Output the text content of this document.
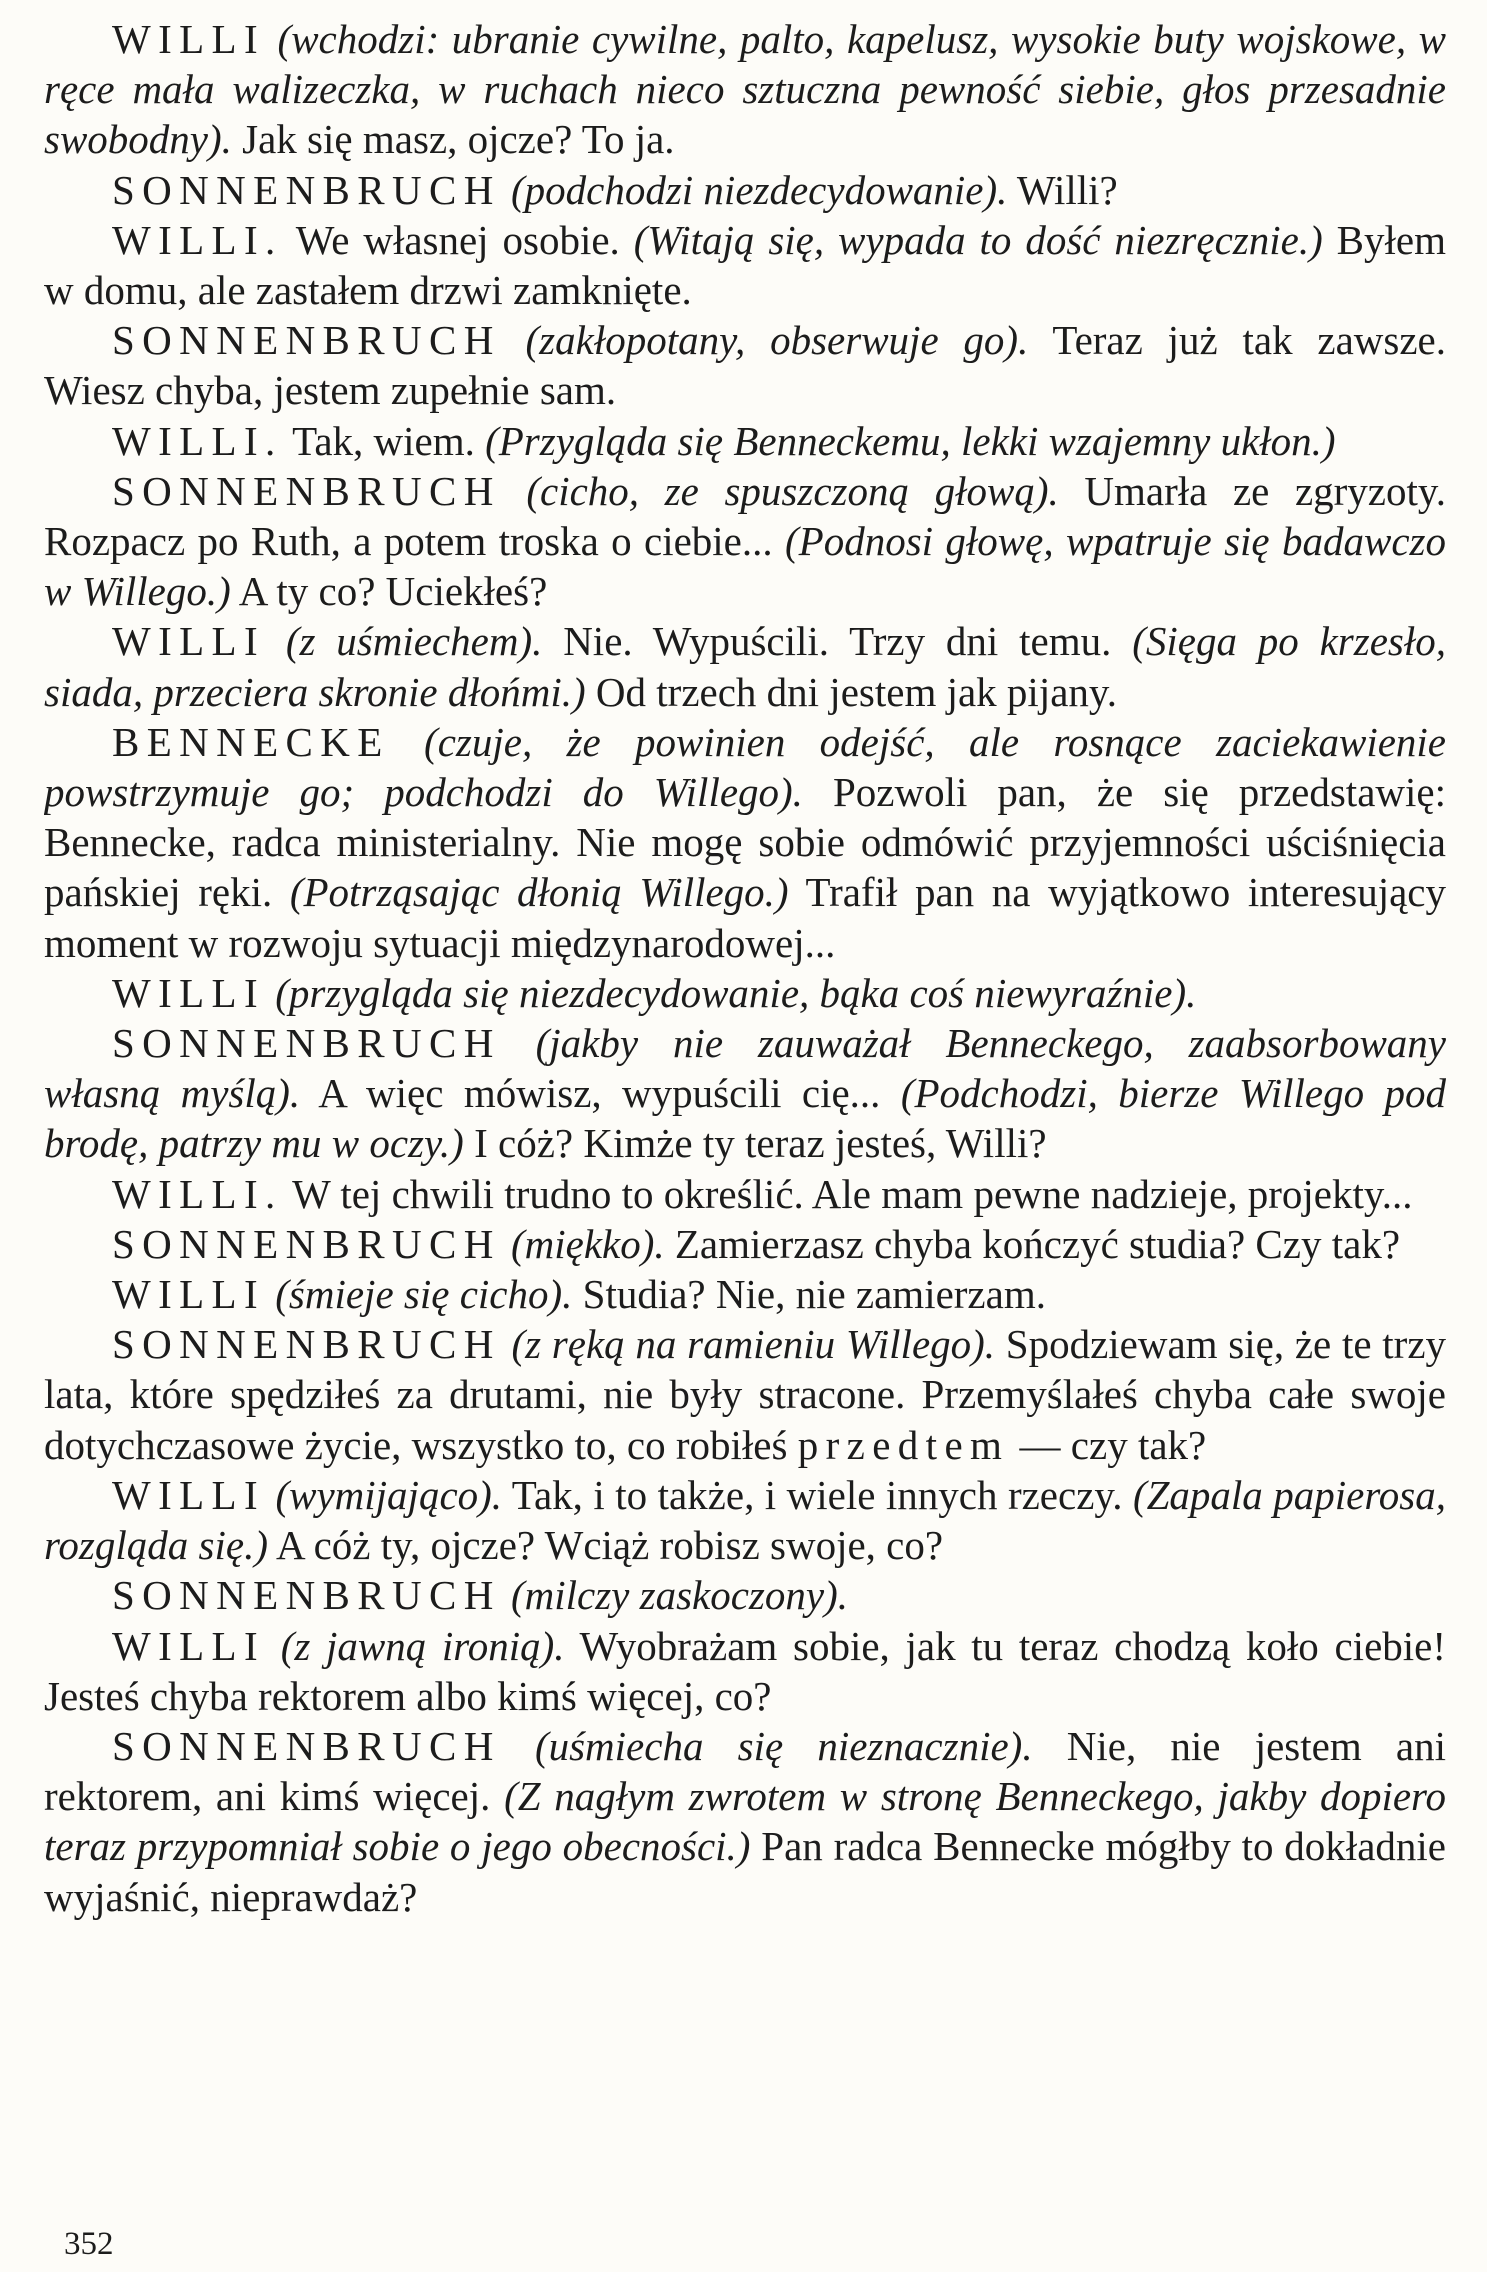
WILLI (wchodzi: ubranie cywilne, palto, kapelusz, wysokie buty wojskowe, w ręce mała walizeczka, w ruchach nieco sztuczna pewność siebie, głos przesadnie swobodny). Jak się masz, ojcze? To ja.

SONNENBRUCH (podchodzi niezdecydowanie). Willi?

WILLI. We własnej osobie. (Witają się, wypada to dość niezręcznie.) Byłem w domu, ale zastałem drzwi zamknięte.

SONNENBRUCH (zakłopotany, obserwuje go). Teraz już tak zawsze. Wiesz chyba, jestem zupełnie sam.

WILLI. Tak, wiem. (Przygląda się Benneckemu, lekki wzajemny ukłon.)

SONNENBRUCH (cicho, ze spuszczoną głową). Umarła ze zgryzoty. Rozpacz po Ruth, a potem troska o ciebie... (Podnosi głowę, wpatruje się badawczo w Willego.) A ty co? Uciekłeś?

WILLI (z uśmiechem). Nie. Wypuścili. Trzy dni temu. (Sięga po krzesło, siada, przeciera skronie dłońmi.) Od trzech dni jestem jak pijany.

BENNECKE (czuje, że powinien odejść, ale rosnące zaciekawienie powstrzymuje go; podchodzi do Willego). Pozwoli pan, że się przedstawię: Bennecke, radca ministerialny. Nie mogę sobie odmówić przyjemności uściśnięcia pańskiej ręki. (Potrząsając dłonią Willego.) Trafił pan na wyjątkowo interesujący moment w rozwoju sytuacji międzynarodowej...

WILLI (przygląda się niezdecydowanie, bąka coś niewyraźnie).

SONNENBRUCH (jakby nie zauważał Benneckego, zaabsorbowany własną myślą). A więc mówisz, wypuścili cię... (Podchodzi, bierze Willego pod brodę, patrzy mu w oczy.) I cóż? Kimże ty teraz jesteś, Willi?

WILLI. W tej chwili trudno to określić. Ale mam pewne nadzieje, projekty...

SONNENBRUCH (miękko). Zamierzasz chyba kończyć studia? Czy tak?

WILLI (śmieje się cicho). Studia? Nie, nie zamierzam.

SONNENBRUCH (z ręką na ramieniu Willego). Spodziewam się, że te trzy lata, które spędziłeś za drutami, nie były stracone. Przemyślałeś chyba całe swoje dotychczasowe życie, wszystko to, co robiłeś przedtem — czy tak?

WILLI (wymijająco). Tak, i to także, i wiele innych rzeczy. (Zapala papierosa, rozgląda się.) A cóż ty, ojcze? Wciąż robisz swoje, co?

SONNENBRUCH (milczy zaskoczony).

WILLI (z jawną ironią). Wyobrażam sobie, jak tu teraz chodzą koło ciebie! Jesteś chyba rektorem albo kimś więcej, co?

SONNENBRUCH (uśmiecha się nieznacznie). Nie, nie jestem ani rektorem, ani kimś więcej. (Z nagłym zwrotem w stronę Benneckego, jakby dopiero teraz przypomniał sobie o jego obecności.) Pan radca Bennecke mógłby to dokładnie wyjaśnić, nieprawdaż?

352
